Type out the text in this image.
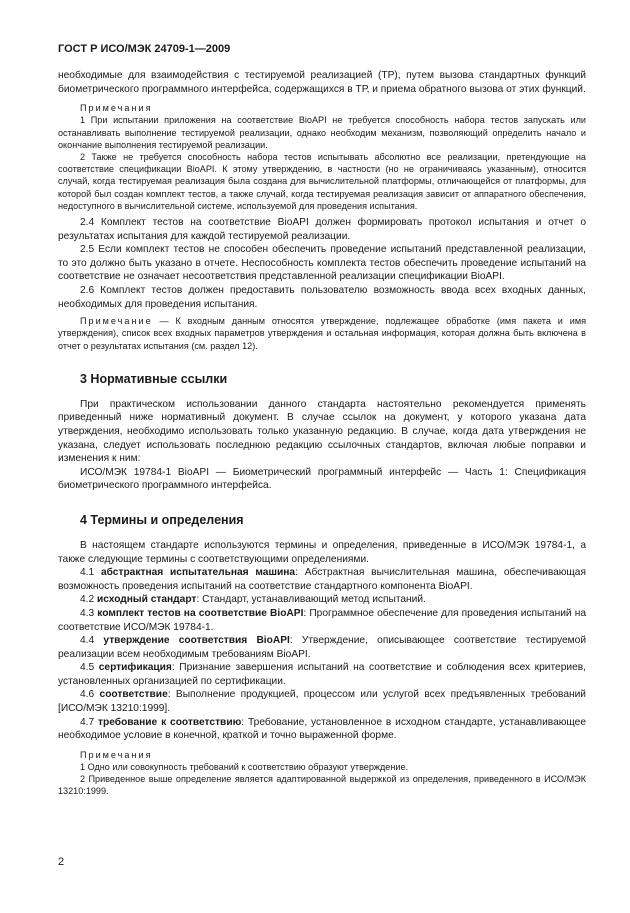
ГОСТ Р ИСО/МЭК 24709-1—2009

необходимые для взаимодействия с тестируемой реализацией (ТР), путем вызова стандартных функций биометрического программного интерфейса, содержащихся в ТР, и приема обратного вызова от этих функций.

Примечания

1 При испытании приложения на соответствие BioAPI не требуется способность набора тестов запускать или останавливать выполнение тестируемой реализации, однако необходим механизм, позволяющий определить начало и окончание выполнения тестируемой реализации.

2 Также не требуется способность набора тестов испытывать абсолютно все реализации, претендующие на соответствие спецификации BioAPI. К этому утверждению, в частности (но не ограничиваясь указанным), относится случай, когда тестируемая реализация была создана для вычислительной платформы, отличающейся от платформы, для которой был создан комплект тестов, а также случай, когда тестируемая реализация зависит от аппаратного обеспечения, недоступного в вычислительной системе, используемой для проведения испытания.

2.4 Комплект тестов на соответствие BioAPI должен формировать протокол испытания и отчет о результатах испытания для каждой тестируемой реализации.

2.5 Если комплект тестов не способен обеспечить проведение испытаний представленной реализации, то это должно быть указано в отчете. Неспособность комплекта тестов обеспечить проведение испытаний на соответствие не означает несоответствия представленной реализации спецификации BioAPI.

2.6 Комплект тестов должен предоставить пользователю возможность ввода всех входных данных, необходимых для проведения испытания.

Примечание — К входным данным относятся утверждение, подлежащее обработке (имя пакета и имя утверждения), список всех входных параметров утверждения и остальная информация, которая должна быть включена в отчет о результатах испытания (см. раздел 12).

3 Нормативные ссылки

При практическом использовании данного стандарта настоятельно рекомендуется применять приведенный ниже нормативный документ. В случае ссылок на документ, у которого указана дата утверждения, необходимо использовать только указанную редакцию. В случае, когда дата утверждения не указана, следует использовать последнюю редакцию ссылочных стандартов, включая любые поправки и изменения к ним:

ИСО/МЭК 19784-1 BioAPI — Биометрический программный интерфейс — Часть 1: Спецификация биометрического программного интерфейса.

4 Термины и определения

В настоящем стандарте используются термины и определения, приведенные в ИСО/МЭК 19784-1, а также следующие термины с соответствующими определениями.

4.1 абстрактная испытательная машина: Абстрактная вычислительная машина, обеспечивающая возможность проведения испытаний на соответствие стандартного компонента BioAPI.

4.2 исходный стандарт: Стандарт, устанавливающий метод испытаний.

4.3 комплект тестов на соответствие BioAPI: Программное обеспечение для проведения испытаний на соответствие ИСО/МЭК 19784-1.

4.4 утверждение соответствия BioAPI: Утверждение, описывающее соответствие тестируемой реализации всем необходимым требованиям BioAPI.

4.5 сертификация: Признание завершения испытаний на соответствие и соблюдения всех критериев, установленных организацией по сертификации.

4.6 соответствие: Выполнение продукцией, процессом или услугой всех предъявленных требований [ИСО/МЭК 13210:1999].

4.7 требование к соответствию: Требование, установленное в исходном стандарте, устанавливающее необходимое условие в конечной, краткой и точно выраженной форме.

Примечания

1 Одно или совокупность требований к соответствию образуют утверждение.

2 Приведенное выше определение является адаптированной выдержкой из определения, приведенного в ИСО/МЭК 13210:1999.

2
